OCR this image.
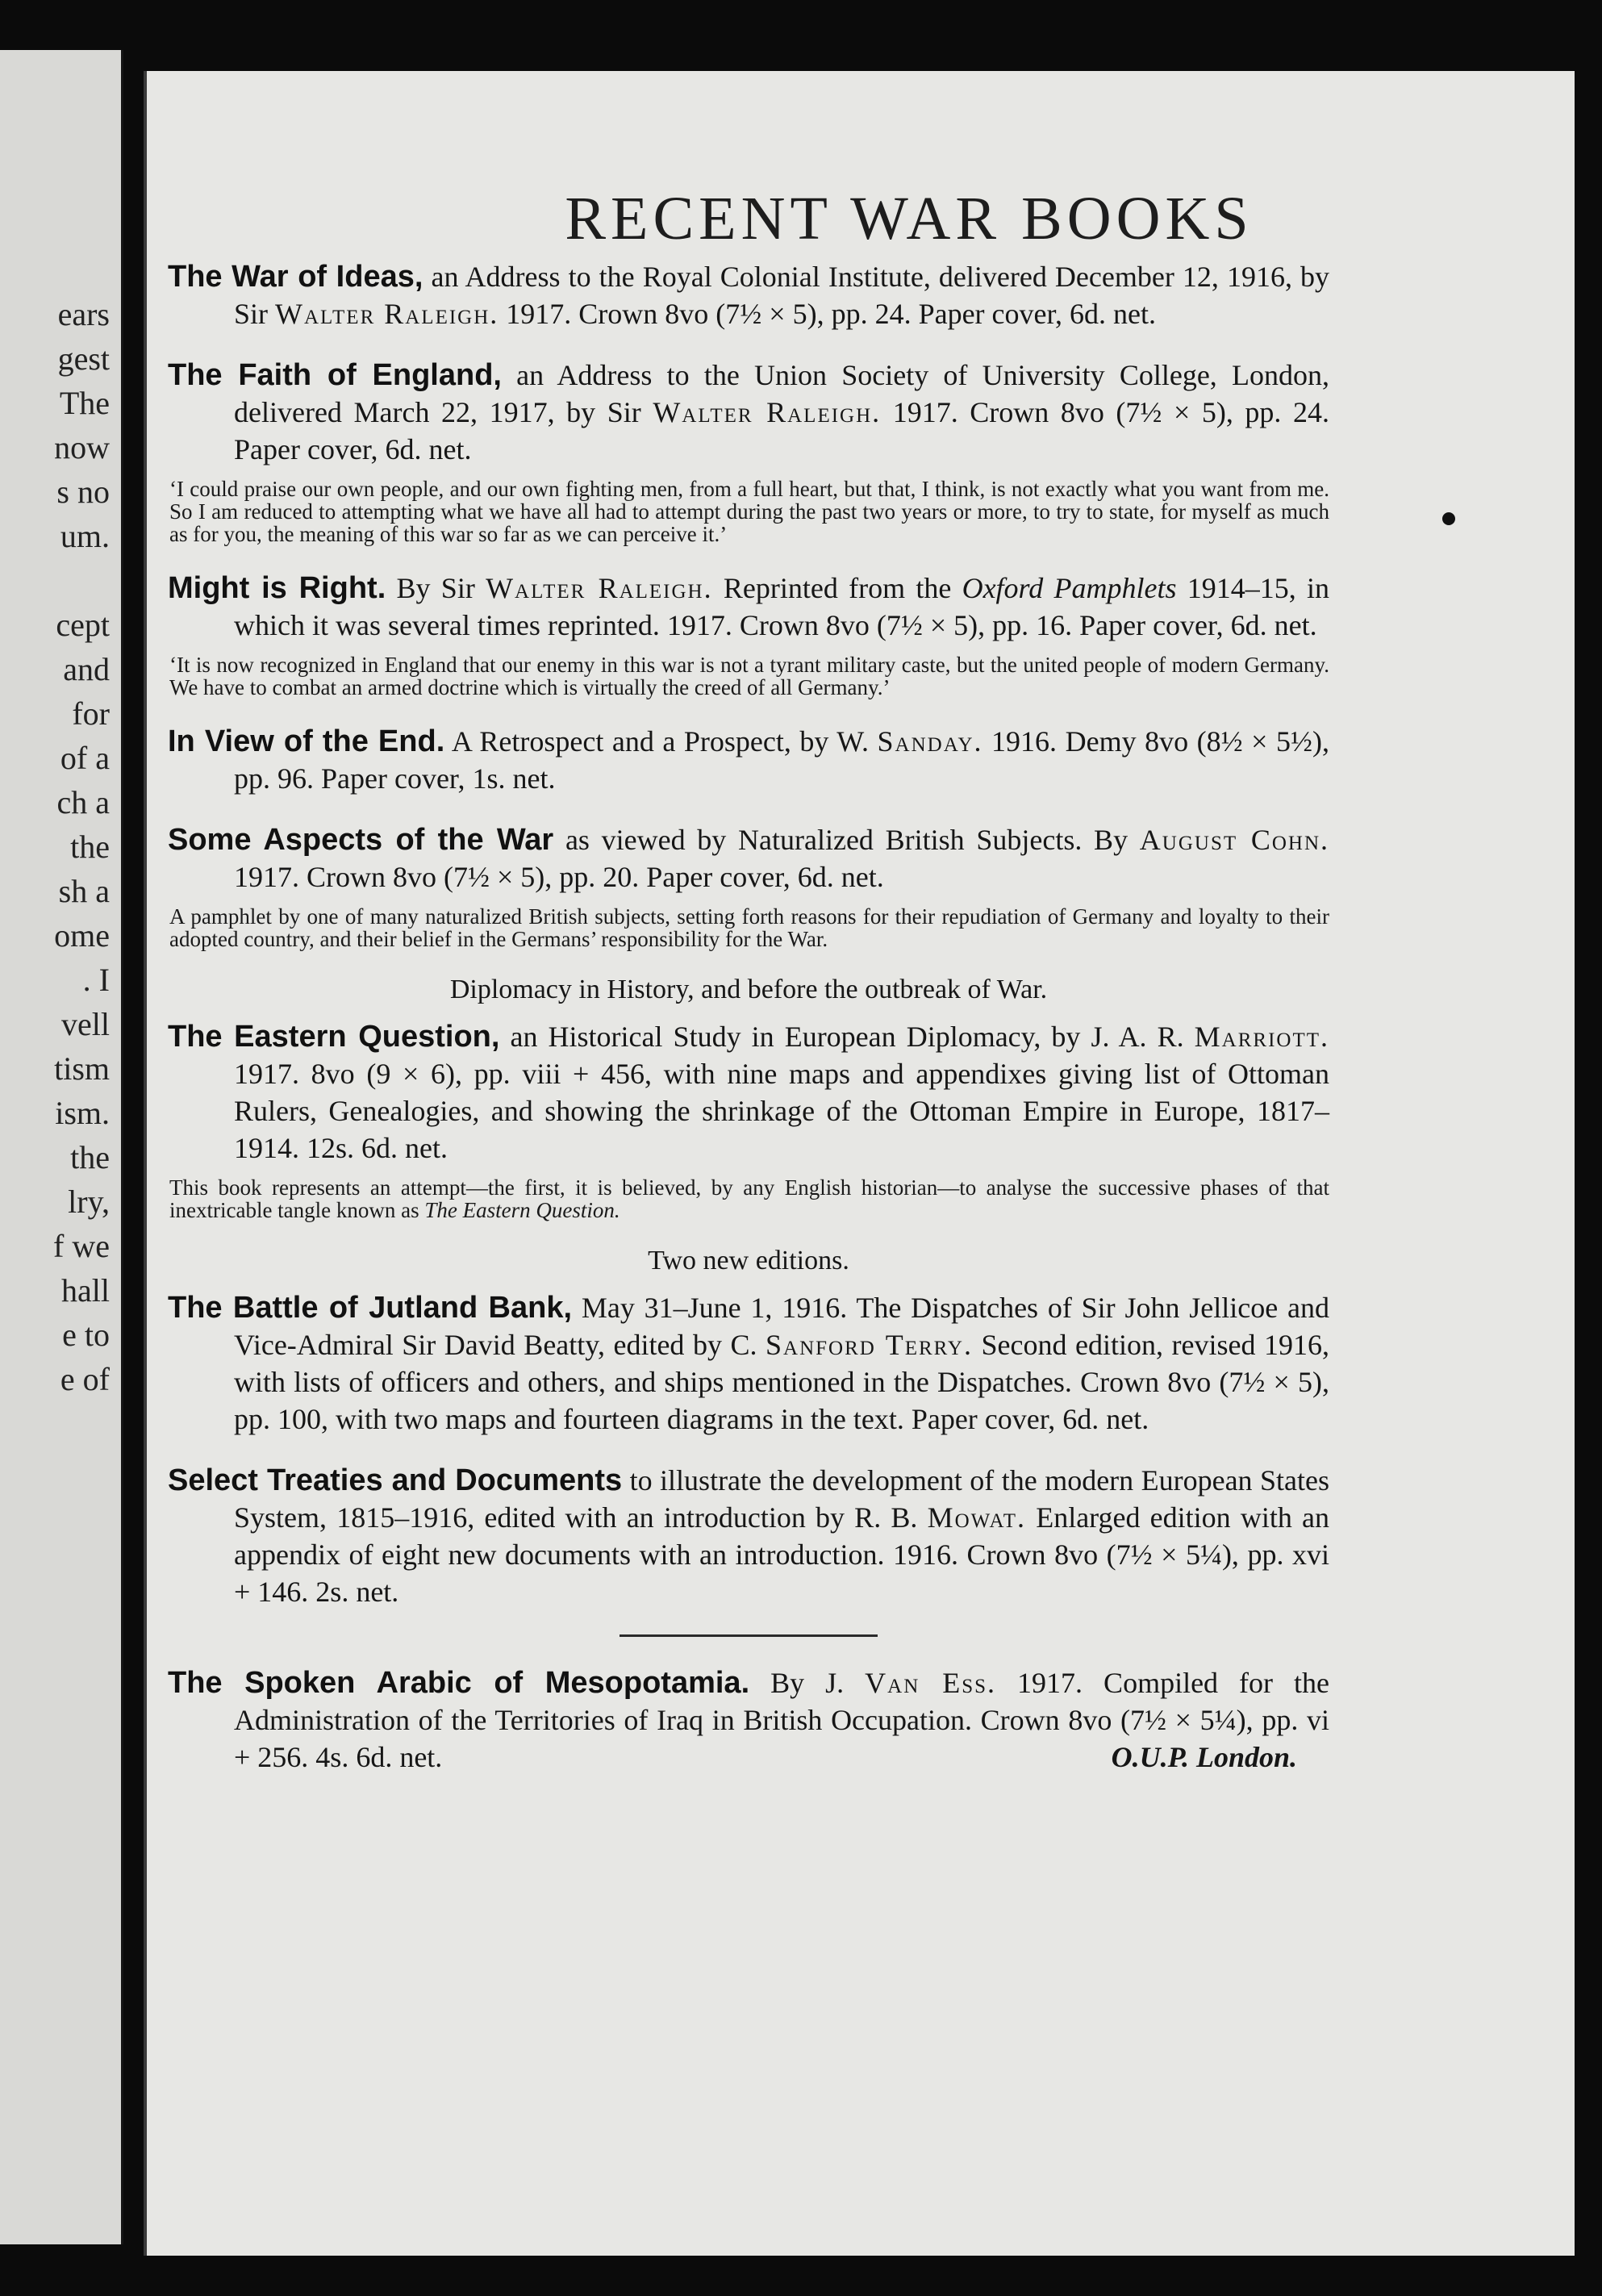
ears
gest
The
now
s no
um.
cept
and
for
of a
ch a
the
sh a
ome
. I
vell
tism
ism.
the
lry,
f we
hall
e to
e of
RECENT WAR BOOKS
The War of Ideas, an Address to the Royal Colonial Institute, delivered December 12, 1916, by Sir Walter Raleigh. 1917. Crown 8vo (7½ × 5), pp. 24. Paper cover, 6d. net.
The Faith of England, an Address to the Union Society of University College, London, delivered March 22, 1917, by Sir Walter Raleigh. 1917. Crown 8vo (7½ × 5), pp. 24. Paper cover, 6d. net.
‘I could praise our own people, and our own fighting men, from a full heart, but that, I think, is not exactly what you want from me. So I am reduced to attempting what we have all had to attempt during the past two years or more, to try to state, for myself as much as for you, the meaning of this war so far as we can perceive it.’
Might is Right. By Sir Walter Raleigh. Reprinted from the Oxford Pamphlets 1914–15, in which it was several times reprinted. 1917. Crown 8vo (7½ × 5), pp. 16. Paper cover, 6d. net.
‘It is now recognized in England that our enemy in this war is not a tyrant military caste, but the united people of modern Germany. We have to combat an armed doctrine which is virtually the creed of all Germany.’
In View of the End. A Retrospect and a Prospect, by W. Sanday. 1916. Demy 8vo (8½ × 5½), pp. 96. Paper cover, 1s. net.
Some Aspects of the War as viewed by Naturalized British Subjects. By August Cohn. 1917. Crown 8vo (7½ × 5), pp. 20. Paper cover, 6d. net.
A pamphlet by one of many naturalized British subjects, setting forth reasons for their repudiation of Germany and loyalty to their adopted country, and their belief in the Germans’ responsibility for the War.
Diplomacy in History, and before the outbreak of War.
The Eastern Question, an Historical Study in European Diplomacy, by J. A. R. Marriott. 1917. 8vo (9 × 6), pp. viii + 456, with nine maps and appendixes giving list of Ottoman Rulers, Genealogies, and showing the shrinkage of the Ottoman Empire in Europe, 1817–1914. 12s. 6d. net.
This book represents an attempt—the first, it is believed, by any English historian—to analyse the successive phases of that inextricable tangle known as The Eastern Question.
Two new editions.
The Battle of Jutland Bank, May 31–June 1, 1916. The Dispatches of Sir John Jellicoe and Vice-Admiral Sir David Beatty, edited by C. Sanford Terry. Second edition, revised 1916, with lists of officers and others, and ships mentioned in the Dispatches. Crown 8vo (7½ × 5), pp. 100, with two maps and fourteen diagrams in the text. Paper cover, 6d. net.
Select Treaties and Documents to illustrate the development of the modern European States System, 1815–1916, edited with an introduction by R. B. Mowat. Enlarged edition with an appendix of eight new documents with an introduction. 1916. Crown 8vo (7½ × 5¼), pp. xvi + 146. 2s. net.
The Spoken Arabic of Mesopotamia. By J. Van Ess. 1917. Compiled for the Administration of the Territories of Iraq in British Occupation. Crown 8vo (7½ × 5¼), pp. vi + 256. 4s. 6d. net.	O.U.P. London.
